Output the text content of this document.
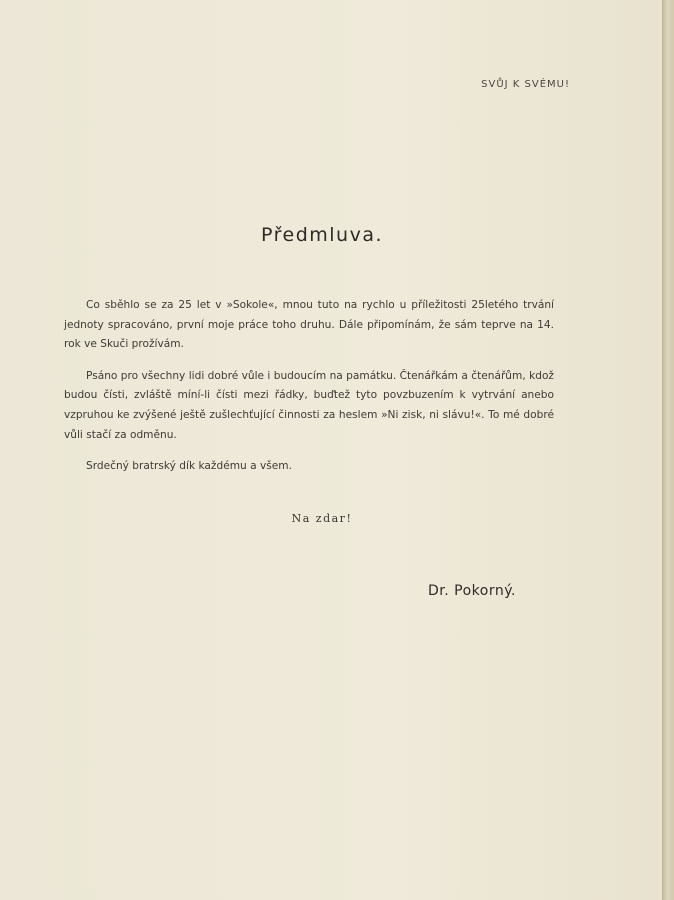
SVŮJ K SVÉMU!
Předmluva.

Co sběhlo se za 25 let v »Sokole«, mnou tuto na rychlo u příležitosti 25letého trvání jednoty spracováno, první moje práce toho druhu. Dále připomínám, že sám teprve na 14. rok ve Skuči prožívám.

Psáno pro všechny lidi dobré vůle i budoucím na památku. Čtenářkám a čtenářům, kdož budou čísti, zvláště míní-li čísti mezi řádky, buďtež tyto povzbuzením k vytrvání anebo vzpruhou ke zvýšené ještě zušlechťující činnosti za heslem »Ni zisk, ni slávu!«. To mé dobré vůli stačí za odměnu.

Srdečný bratrský dík každému a všem.

Na zdar!
Dr. Pokorný.
